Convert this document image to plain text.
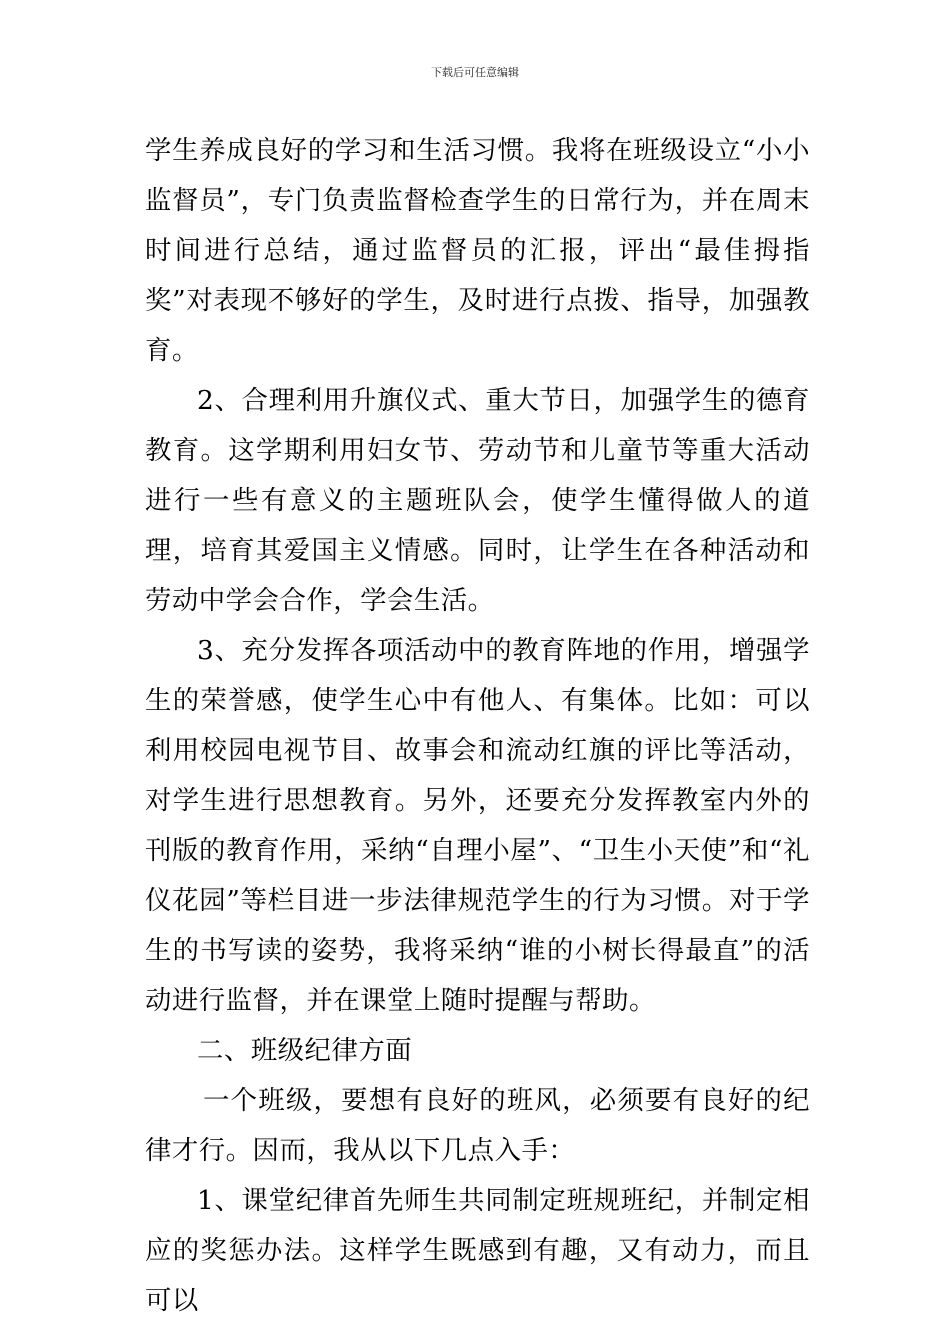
下载后可任意编辑

学生养成良好的学习和生活习惯。我将在班级设立“小小监督员”，专门负责监督检查学生的日常行为，并在周末时间进行总结，通过监督员的汇报，评出“最佳拇指奖”对表现不够好的学生，及时进行点拨、指导，加强教育。

2、合理利用升旗仪式、重大节日，加强学生的德育教育。这学期利用妇女节、劳动节和儿童节等重大活动进行一些有意义的主题班队会，使学生懂得做人的道理，培育其爱国主义情感。同时，让学生在各种活动和劳动中学会合作，学会生活。

3、充分发挥各项活动中的教育阵地的作用，增强学生的荣誉感，使学生心中有他人、有集体。比如：可以利用校园电视节目、故事会和流动红旗的评比等活动，对学生进行思想教育。另外，还要充分发挥教室内外的刊版的教育作用，采纳“自理小屋”、“卫生小天使”和“礼仪花园”等栏目进一步法律规范学生的行为习惯。对于学生的书写读的姿势，我将采纳“谁的小树长得最直”的活动进行监督，并在课堂上随时提醒与帮助。

二、班级纪律方面

一个班级，要想有良好的班风，必须要有良好的纪律才行。因而，我从以下几点入手：

1、课堂纪律首先师生共同制定班规班纪，并制定相应的奖惩办法。这样学生既感到有趣，又有动力，而且可以
